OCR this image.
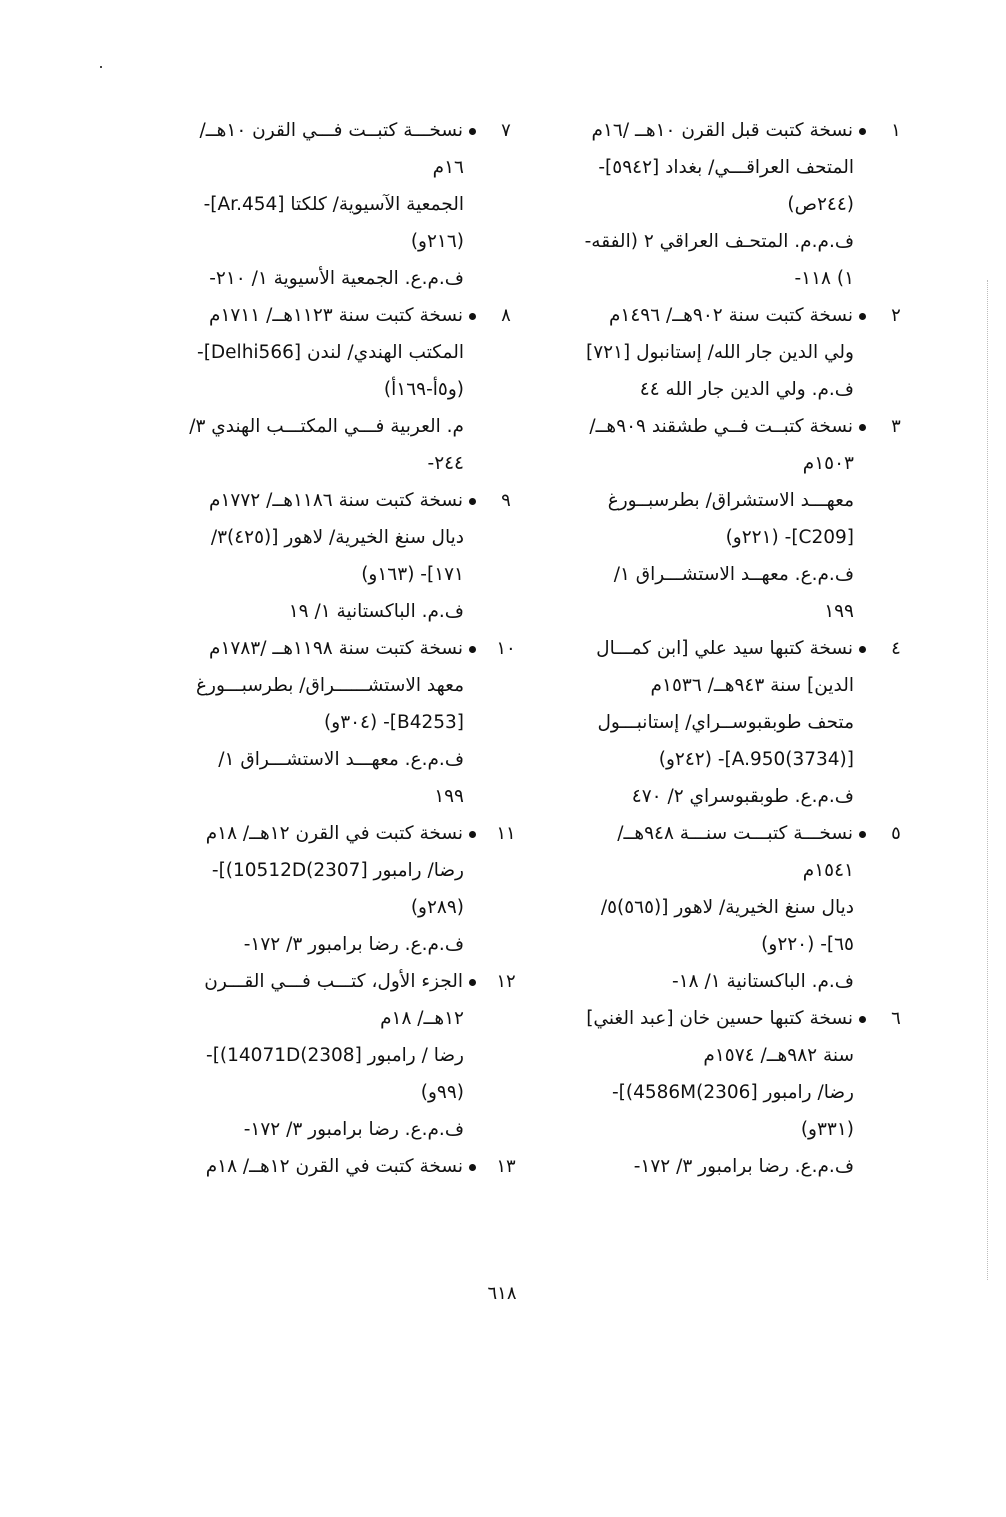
١
نسخة كتبت قبل القرن ١٠هــ /١٦م
المتحف العراقـــي/ بغداد [٥٩٤٢]-
(٢٤٤ص)
ف.م.م. المتحـف العراقي ٢ (الفقه-
١) ١١٨-
٢
نسخة كتبت سنة ٩٠٢هــ/ ١٤٩٦م
ولي الدين جار الله/ إستانبول [٧٢١]
ف.م. ولي الدين جار الله ٤٤
٣
نسخة كتبــت فــي طشقند ٩٠٩هــ/
١٥٠٣م
معهـــد الاستشراق/ بطرسبــورغ
[C209]- (٢٢١و)
ف.م.ع. معهــد الاستشـــراق ١/
١٩٩
٤
نسخة كتبها سيد علي [ابن كمـــال
الدين] سنة ٩٤٣هــ/ ١٥٣٦م
متحف طوبقبوســراي/ إستانبـــول
[A.950(3734)]- (٢٤٢و)
ف.م.ع. طوبقبوسراي ٢/ ٤٧٠
٥
نسخـــة كتبـــت سنـــة ٩٤٨هــ/
١٥٤١م
ديال سنغ الخيرية/ لاهور [(٥٦٥)٥/
٦٥]- (٢٢٠و)
ف.م. الباكستانية ١/ ١٨-
٦
نسخة كتبها حسين خان [عبد الغني]
سنة ٩٨٢هــ/ ١٥٧٤م
رضا/ رامبور [2306)4586M)]-
(٣٣١و)
ف.م.ع. رضا برامبور ٣/ ١٧٢-
٧
نسخـــة كتبــت فـــي القرن ١٠هــ/
١٦م
الجمعية الآسيوية/ كلكتا [Ar.454]-
(٢١٦و)
ف.م.ع. الجمعية الأسيوية ١/ ٢١٠-
٨
نسخة كتبت سنة ١١٢٣هــ/ ١٧١١م
المكتب الهندي/ لندن [Delhi566]-
(و٥أ-١٦٩أ)
م. العربية فـــي المكتـــب الهندي ٣/
٢٤٤-
٩
نسخة كتبت سنة ١١٨٦هــ/ ١٧٧٢م
ديال سنغ الخيرية/ لاهور [(٤٢٥)٣/
١٧١]- (١٦٣و)
ف.م. الباكستانية ١/ ١٩
١٠
نسخة كتبت سنة ١١٩٨هــ /١٧٨٣م
معهد الاستشــــــراق/ بطرسبـــورغ
[B4253]- (٣٠٤و)
ف.م.ع. معهـــد الاستشـــراق ١/
١٩٩
١١
نسخة كتبت في القرن ١٢هــ/ ١٨م
رضا/ رامبور [2307)10512D)]-
(٢٨٩و)
ف.م.ع. رضا برامبور ٣/ ١٧٢-
١٢
الجزء الأول، كتـــب فـــي القـــرن
١٢هــ/ ١٨م
رضا / رامبور [2308)14071D)]-
(٩٩و)
ف.م.ع. رضا برامبور ٣/ ١٧٢-
١٣
نسخة كتبت في القرن ١٢هــ/ ١٨م
٦١٨
